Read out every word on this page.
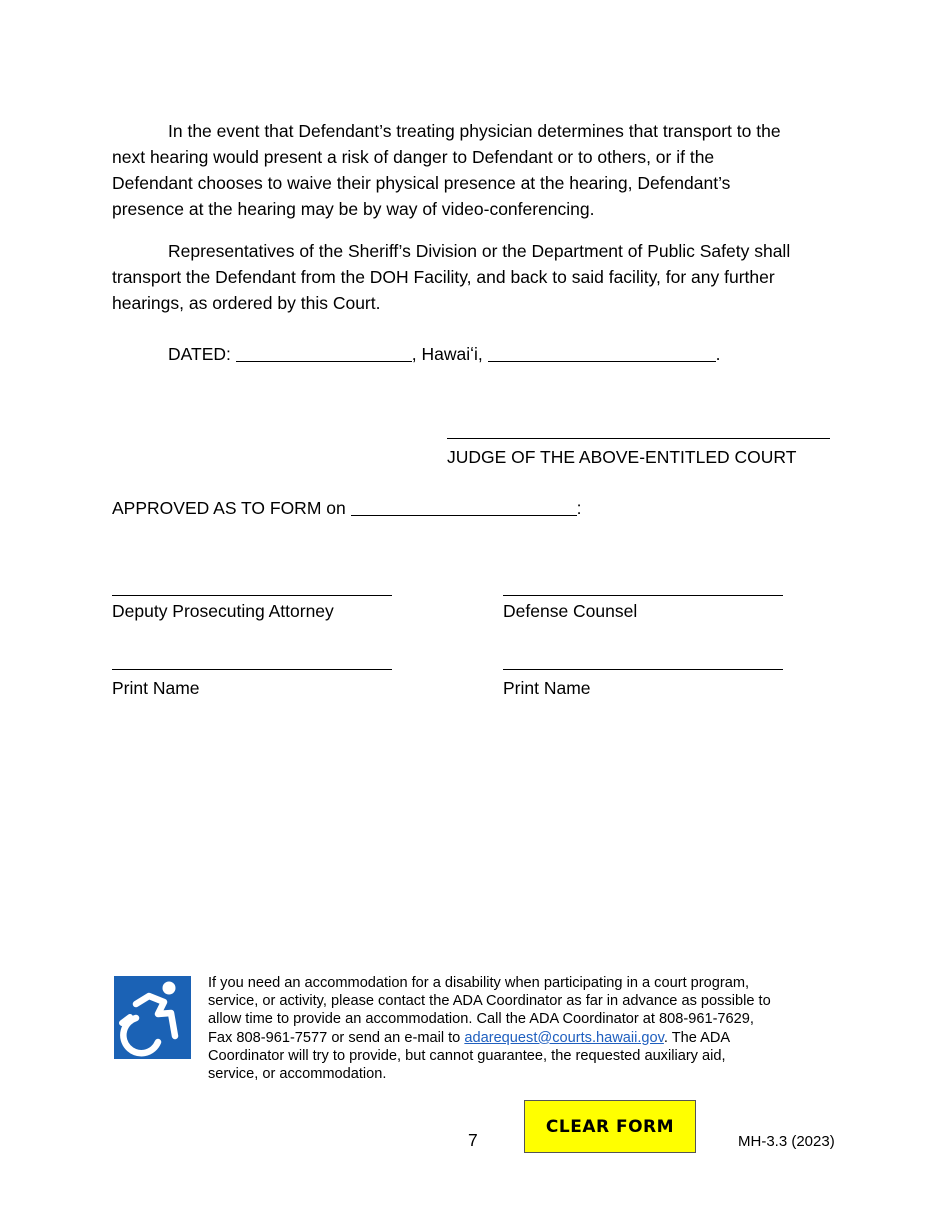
In the event that Defendant’s treating physician determines that transport to the
next hearing would present a risk of danger to Defendant or to others, or if the
Defendant chooses to waive their physical presence at the hearing, Defendant’s
presence at the hearing may be by way of video-conferencing.

Representatives of the Sheriff’s Division or the Department of Public Safety shall
transport the Defendant from the DOH Facility, and back to said facility, for any further
hearings, as ordered by this Court.

DATED:	, Hawaiʻi,	.
JUDGE OF THE ABOVE-ENTITLED COURT
APPROVED AS TO FORM on	:
Deputy Prosecuting Attorney	Defense Counsel
Print Name	Print Name
If you need an accommodation for a disability when participating in a court program,
service, or activity, please contact the ADA Coordinator as far in advance as possible to
allow time to provide an accommodation. Call the ADA Coordinator at 808-961-7629,
Fax 808-961-7577 or send an e-mail to adarequest@courts.hawaii.gov. The ADA
Coordinator will try to provide, but cannot guarantee, the requested auxiliary aid,
service, or accommodation.
7
CLEAR FORM
MH-3.3 (2023)
